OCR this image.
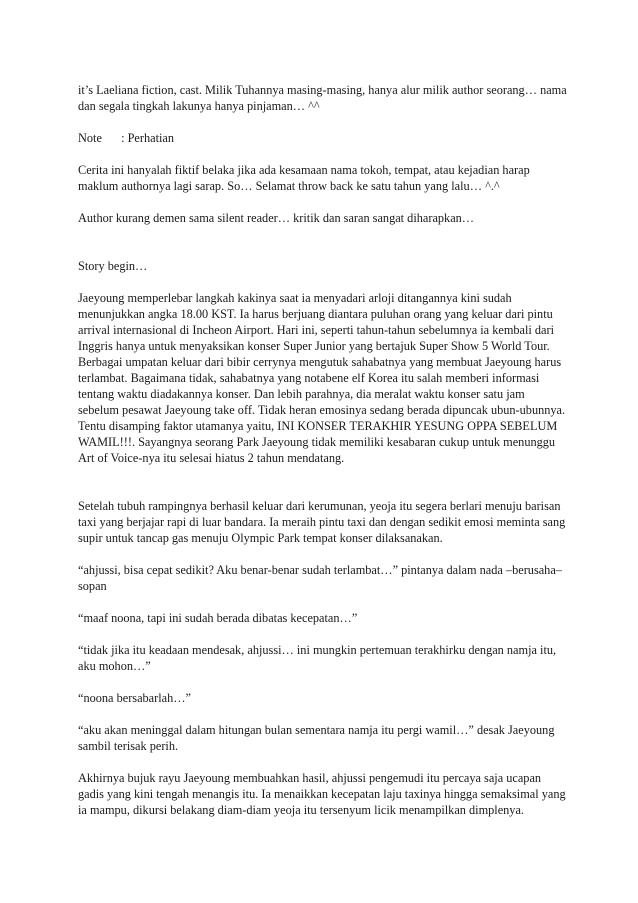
it’s Laeliana fiction, cast. Milik Tuhannya masing-masing, hanya alur milik author seorang… nama dan segala tingkah lakunya hanya pinjaman… ^^

Note : Perhatian

Cerita ini hanyalah fiktif belaka jika ada kesamaan nama tokoh, tempat, atau kejadian harap maklum authornya lagi sarap. So… Selamat throw back ke satu tahun yang lalu… ^.^

Author kurang demen sama silent reader… kritik dan saran sangat diharapkan…

Story begin…

Jaeyoung memperlebar langkah kakinya saat ia menyadari arloji ditangannya kini sudah menunjukkan angka 18.00 KST. Ia harus berjuang diantara puluhan orang yang keluar dari pintu arrival internasional di Incheon Airport. Hari ini, seperti tahun-tahun sebelumnya ia kembali dari Inggris hanya untuk menyaksikan konser Super Junior yang bertajuk Super Show 5 World Tour. Berbagai umpatan keluar dari bibir cerrynya mengutuk sahabatnya yang membuat Jaeyoung harus terlambat. Bagaimana tidak, sahabatnya yang notabene elf Korea itu salah memberi informasi tentang waktu diadakannya konser. Dan lebih parahnya, dia meralat waktu konser satu jam sebelum pesawat Jaeyoung take off. Tidak heran emosinya sedang berada dipuncak ubun-ubunnya. Tentu disamping faktor utamanya yaitu, INI KONSER TERAKHIR YESUNG OPPA SEBELUM WAMIL!!!. Sayangnya seorang Park Jaeyoung tidak memiliki kesabaran cukup untuk menunggu Art of Voice-nya itu selesai hiatus 2 tahun mendatang.

Setelah tubuh rampingnya berhasil keluar dari kerumunan, yeoja itu segera berlari menuju barisan taxi yang berjajar rapi di luar bandara. Ia meraih pintu taxi dan dengan sedikit emosi meminta sang supir untuk tancap gas menuju Olympic Park tempat konser dilaksanakan.

“ahjussi, bisa cepat sedikit? Aku benar-benar sudah terlambat…” pintanya dalam nada –berusaha– sopan

“maaf noona, tapi ini sudah berada dibatas kecepatan…”

“tidak jika itu keadaan mendesak, ahjussi… ini mungkin pertemuan terakhirku dengan namja itu, aku mohon…”

“noona bersabarlah…”

“aku akan meninggal dalam hitungan bulan sementara namja itu pergi wamil…” desak Jaeyoung sambil terisak perih.

Akhirnya bujuk rayu Jaeyoung membuahkan hasil, ahjussi pengemudi itu percaya saja ucapan gadis yang kini tengah menangis itu. Ia menaikkan kecepatan laju taxinya hingga semaksimal yang ia mampu, dikursi belakang diam-diam yeoja itu tersenyum licik menampilkan dimplenya.
